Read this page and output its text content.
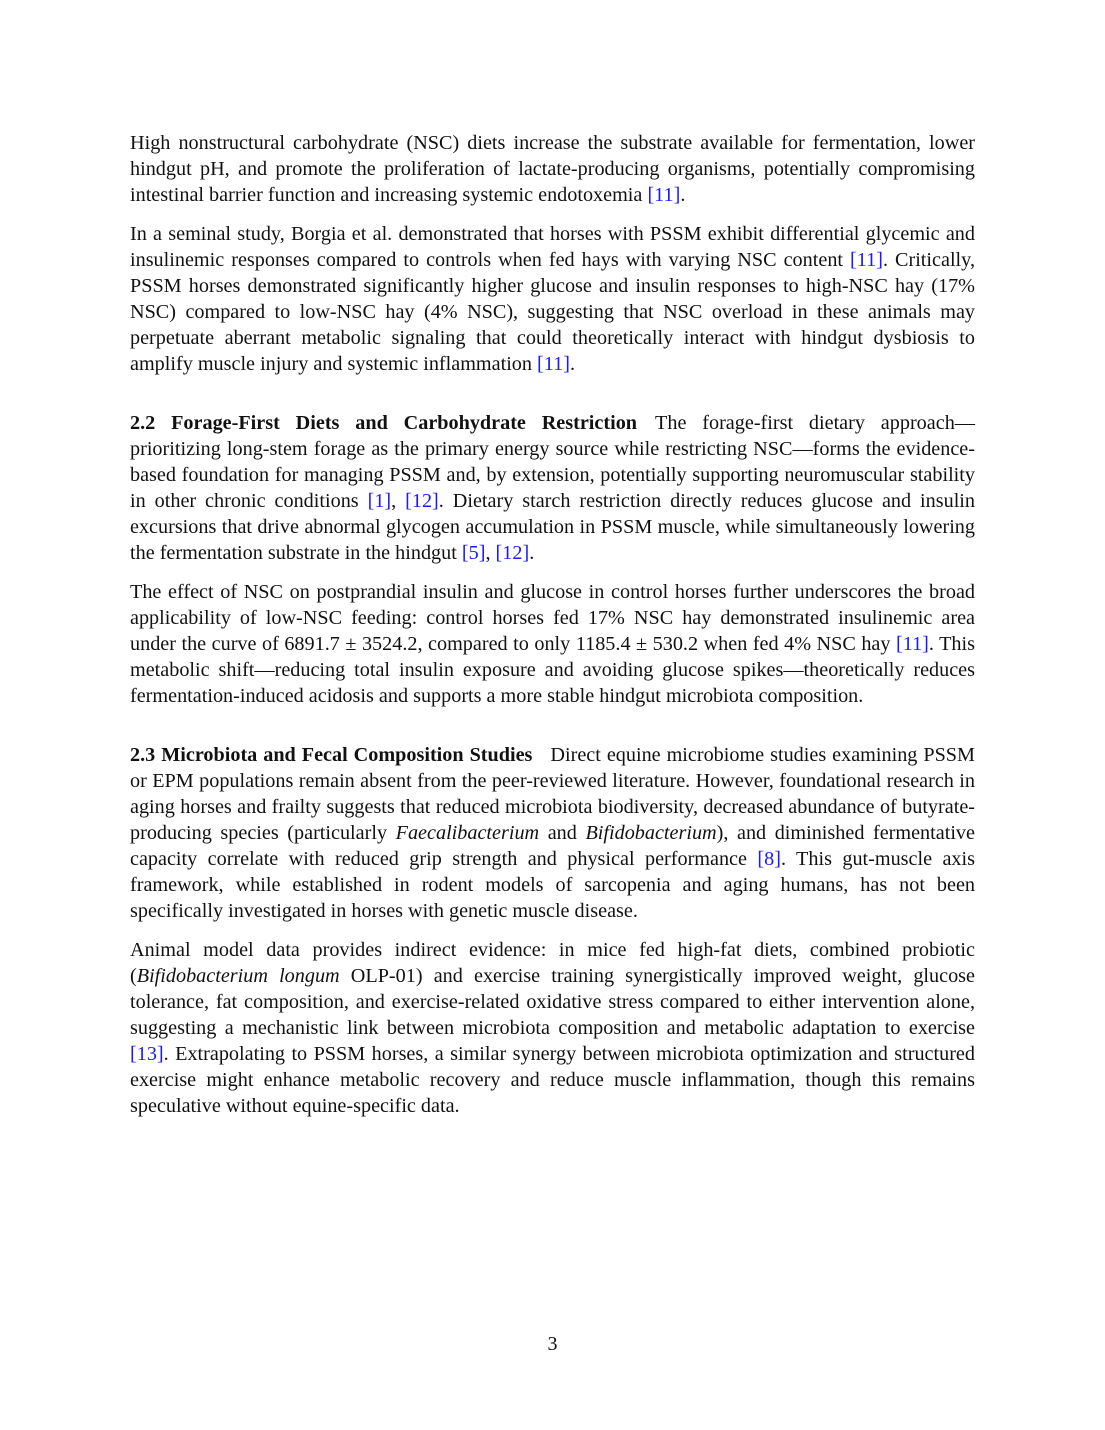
High nonstructural carbohydrate (NSC) diets increase the substrate available for fermentation, lower hindgut pH, and promote the proliferation of lactate-producing organisms, potentially compromising intestinal barrier function and increasing systemic endotoxemia [11].

In a seminal study, Borgia et al. demonstrated that horses with PSSM exhibit differential glycemic and insulinemic responses compared to controls when fed hays with varying NSC content [11]. Critically, PSSM horses demonstrated significantly higher glucose and insulin responses to high-NSC hay (17% NSC) compared to low-NSC hay (4% NSC), suggesting that NSC overload in these animals may perpetuate aberrant metabolic signaling that could theoretically interact with hindgut dysbiosis to amplify muscle injury and systemic inflammation [11].

2.2 Forage-First Diets and Carbohydrate Restriction The forage-first dietary approach—prioritizing long-stem forage as the primary energy source while restricting NSC—forms the evidence-based foundation for managing PSSM and, by extension, potentially supporting neuromuscular stability in other chronic conditions [1], [12]. Dietary starch restriction directly reduces glucose and insulin excursions that drive abnormal glycogen accumulation in PSSM muscle, while simultaneously lowering the fermentation substrate in the hindgut [5], [12].

The effect of NSC on postprandial insulin and glucose in control horses further underscores the broad applicability of low-NSC feeding: control horses fed 17% NSC hay demonstrated insulinemic area under the curve of 6891.7 ± 3524.2, compared to only 1185.4 ± 530.2 when fed 4% NSC hay [11]. This metabolic shift—reducing total insulin exposure and avoiding glucose spikes—theoretically reduces fermentation-induced acidosis and supports a more stable hindgut microbiota composition.

2.3 Microbiota and Fecal Composition Studies Direct equine microbiome studies examining PSSM or EPM populations remain absent from the peer-reviewed literature. However, foundational research in aging horses and frailty suggests that reduced microbiota biodiversity, decreased abundance of butyrate-producing species (particularly Faecalibacterium and Bifidobacterium), and diminished fermentative capacity correlate with reduced grip strength and physical performance [8]. This gut-muscle axis framework, while established in rodent models of sarcopenia and aging humans, has not been specifically investigated in horses with genetic muscle disease.

Animal model data provides indirect evidence: in mice fed high-fat diets, combined probiotic (Bifidobacterium longum OLP-01) and exercise training synergistically improved weight, glucose tolerance, fat composition, and exercise-related oxidative stress compared to either intervention alone, suggesting a mechanistic link between microbiota composition and metabolic adaptation to exercise [13]. Extrapolating to PSSM horses, a similar synergy between microbiota optimization and structured exercise might enhance metabolic recovery and reduce muscle inflammation, though this remains speculative without equine-specific data.

3
